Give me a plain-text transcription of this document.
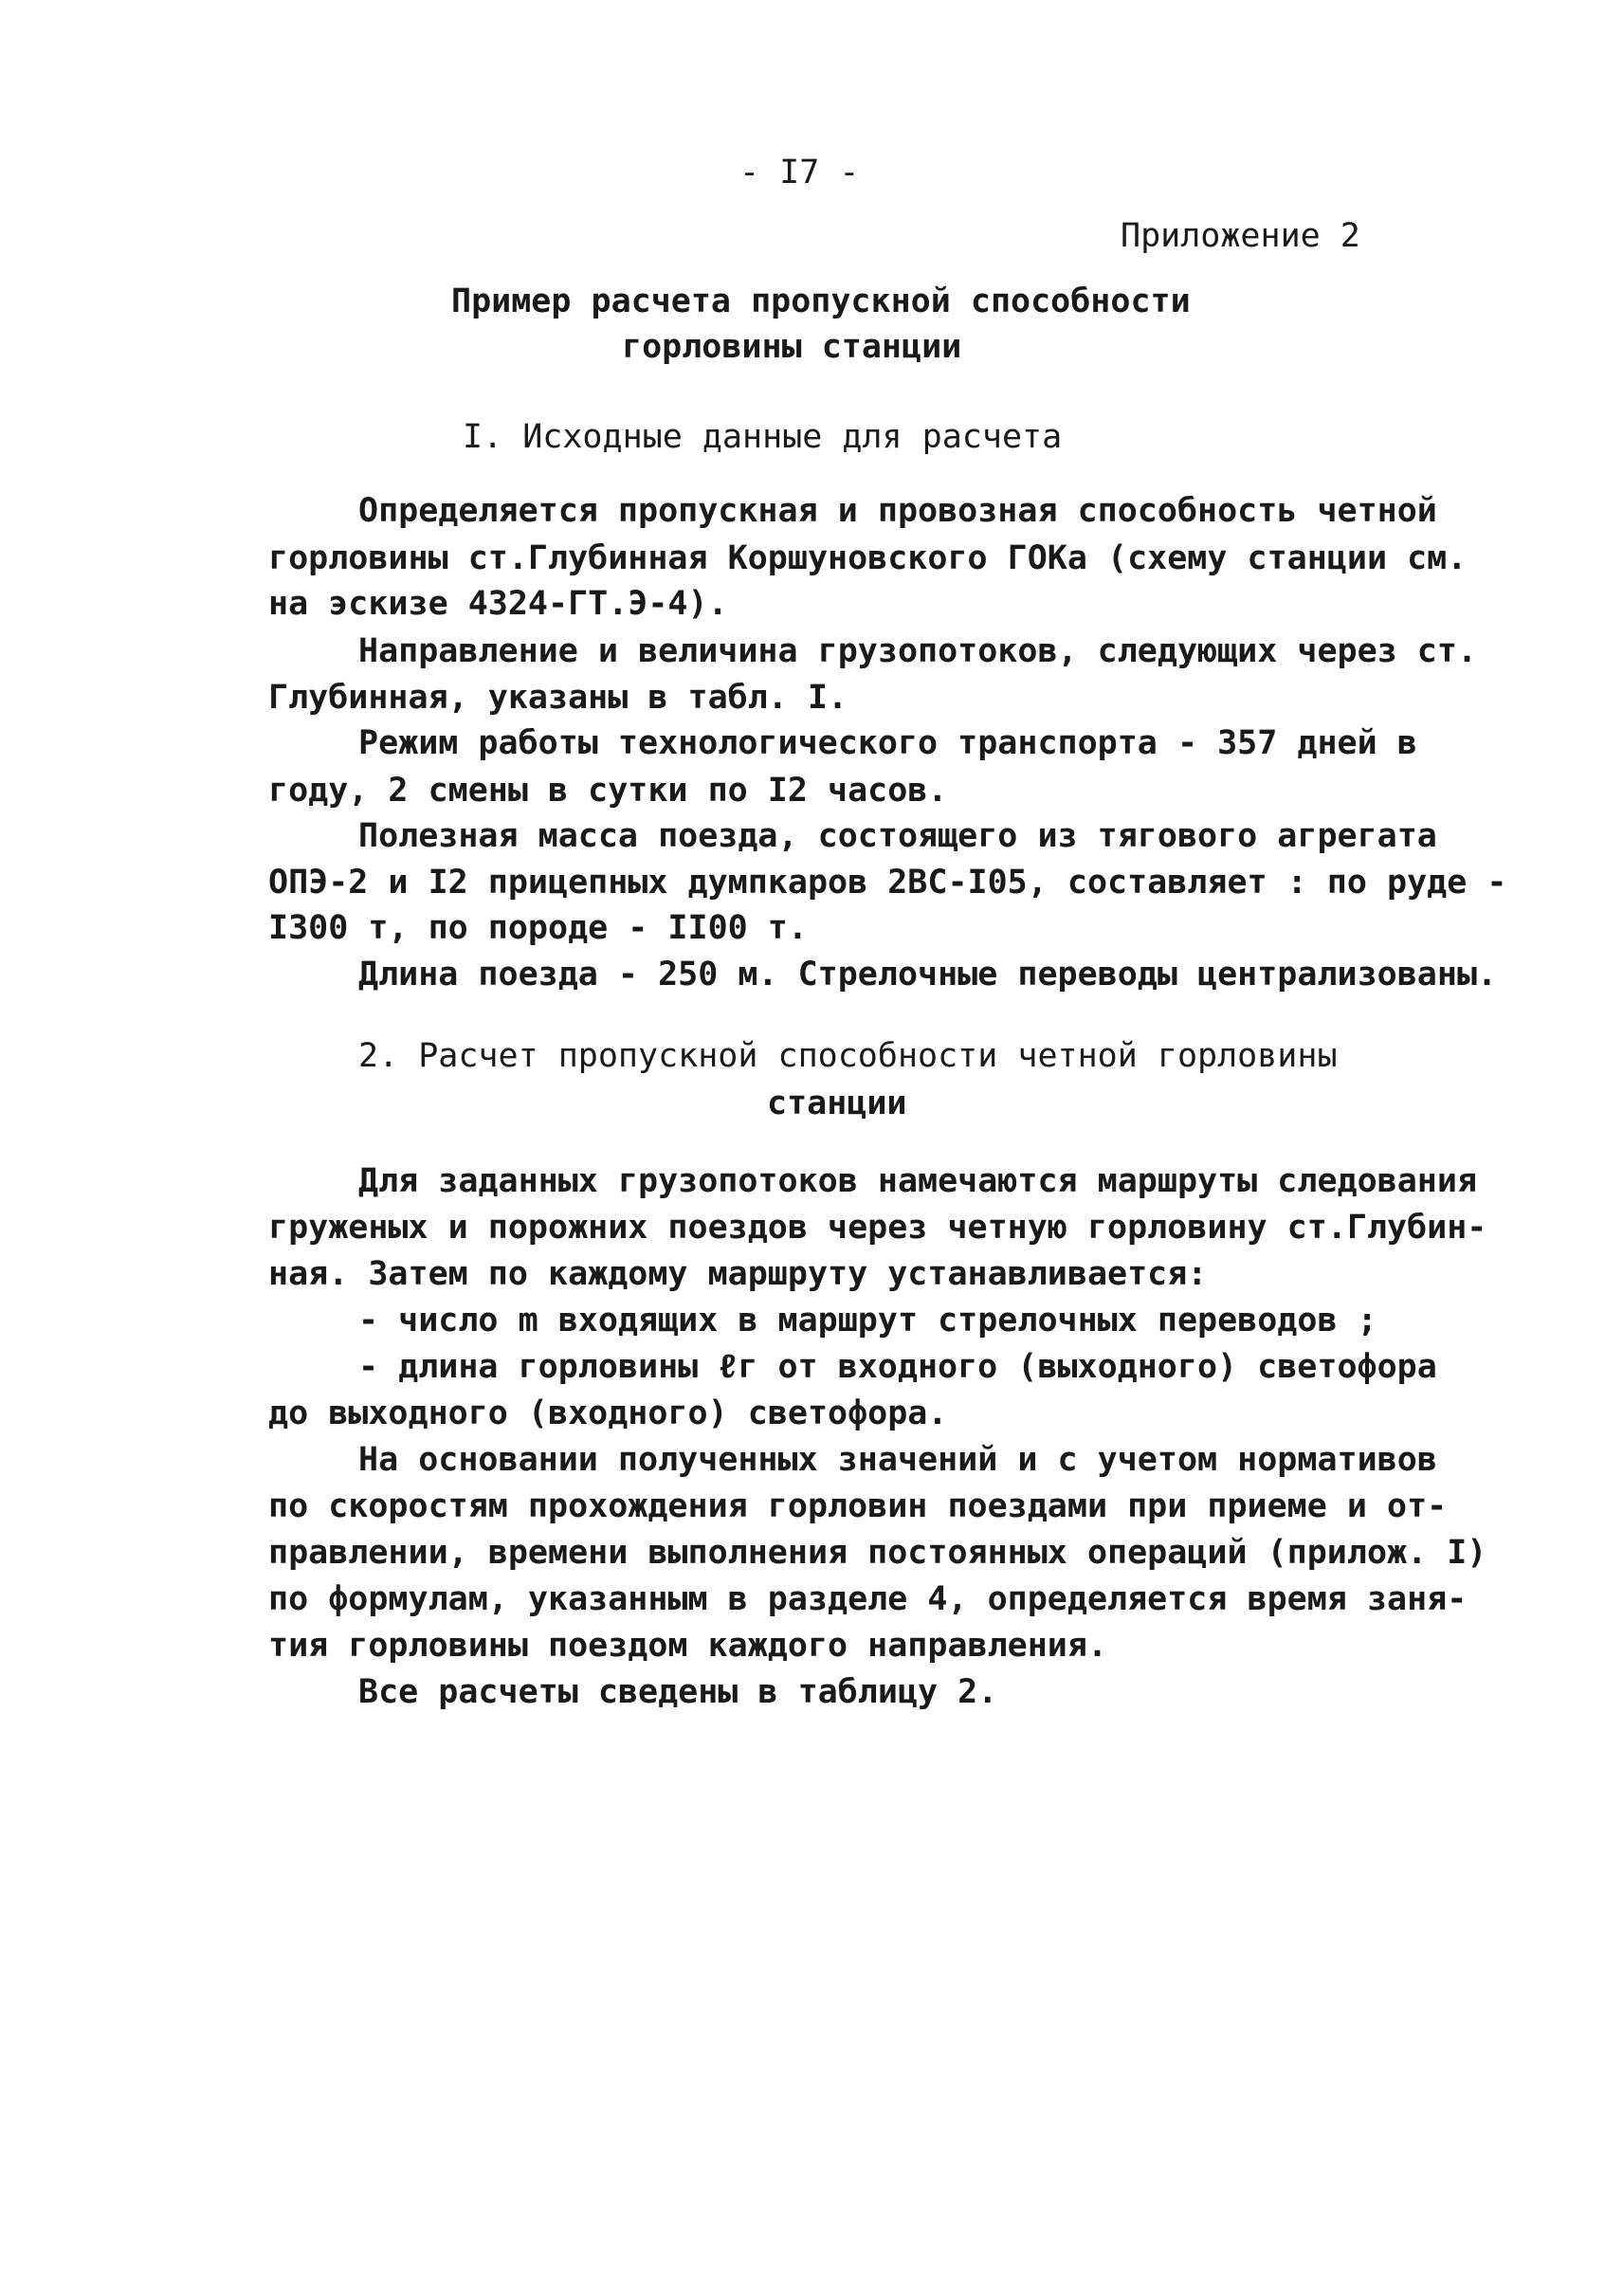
- I7 -
Приложение 2
Пример расчета пропускной способности
горловины станции
I. Исходные данные для расчета
Определяется пропускная и провозная способность четной
горловины ст.Глубинная Коршуновского ГОКа (схему станции см.
на эскизе 4324-ГТ.Э-4).
Направление и величина грузопотоков, следующих через ст.
Глубинная, указаны в табл. I.
Режим работы технологического транспорта - 357 дней в
году, 2 смены в сутки по I2 часов.
Полезная масса поезда, состоящего из тягового агрегата
ОПЭ-2 и I2 прицепных думпкаров 2ВС-I05, составляет : по руде -
I300 т, по породе - II00 т.
Длина поезда - 250 м. Стрелочные переводы централизованы.
2. Расчет пропускной способности четной горловины
станции
Для заданных грузопотоков намечаются маршруты следования
груженых и порожних поездов через четную горловину ст.Глубин-
ная. Затем по каждому маршруту устанавливается:
- число m входящих в маршрут стрелочных переводов ;
- длина горловины ℓг от входного (выходного) светофора
до выходного (входного) светофора.
На основании полученных значений и с учетом нормативов
по скоростям прохождения горловин поездами при приеме и от-
правлении, времени выполнения постоянных операций (прилож. I)
по формулам, указанным в разделе 4, определяется время заня-
тия горловины поездом каждого направления.
Все расчеты сведены в таблицу 2.
